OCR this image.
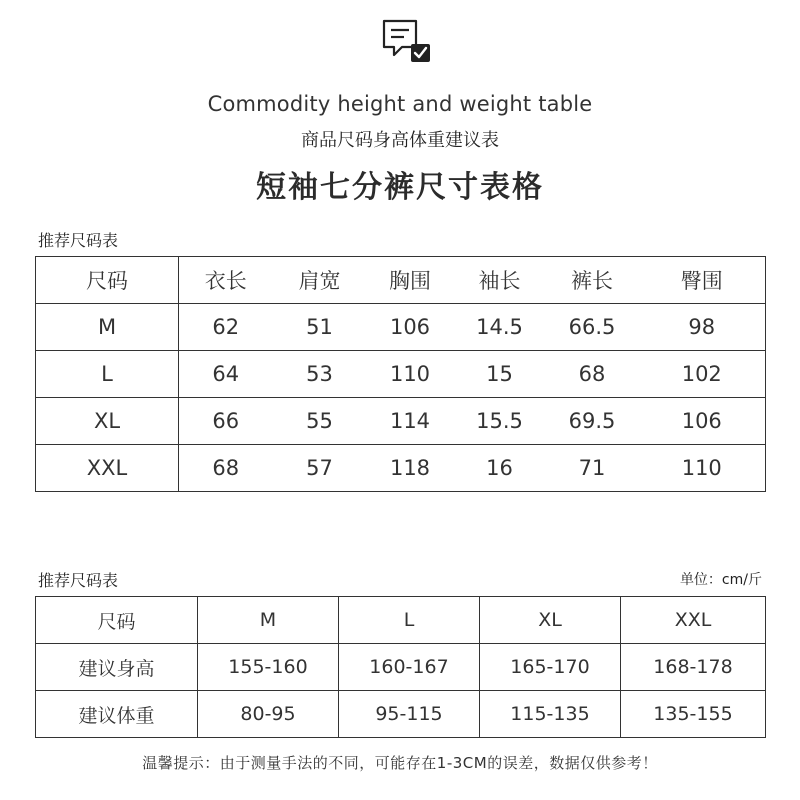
Commodity height and weight table
商品尺码身高体重建议表
短袖七分裤尺寸表格
推荐尺码表
尺码	衣长	肩宽	胸围	袖长	裤长	臀围
M	62	51	106	14.5	66.5	98
L	64	53	110	15	68	102
XL	66	55	114	15.5	69.5	106
XXL	68	57	118	16	71	110
推荐尺码表	单位：cm/斤
尺码	M	L	XL	XXL
建议身高	155-160	160-167	165-170	168-178
建议体重	80-95	95-115	115-135	135-155
温馨提示：由于测量手法的不同，可能存在1-3CM的误差，数据仅供参考！
